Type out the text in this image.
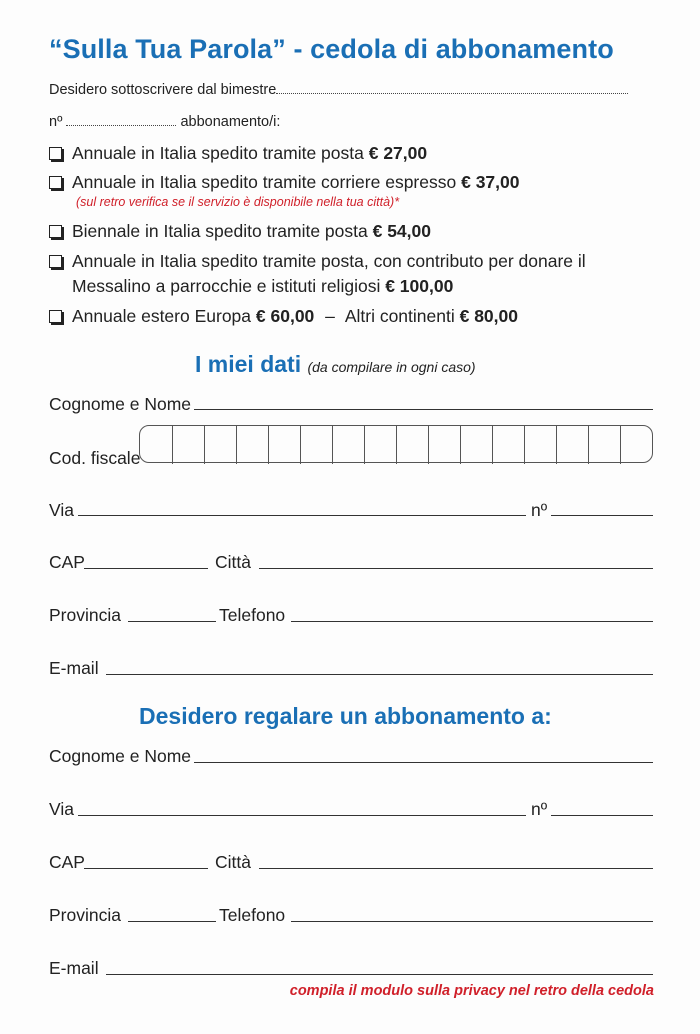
“Sulla Tua Parola” - cedola di abbonamento
Desidero sottoscrivere dal bimestre
nº	abbonamento/i:
Annuale in Italia spedito tramite posta € 27,00
Annuale in Italia spedito tramite corriere espresso € 37,00
(sul retro verifica se il servizio è disponibile nella tua città)*
Biennale in Italia spedito tramite posta € 54,00
Annuale in Italia spedito tramite posta, con contributo per donare il
Messalino a parrocchie e istituti religiosi € 100,00
Annuale estero Europa € 60,00 – Altri continenti € 80,00
I miei dati (da compilare in ogni caso)
Cognome e Nome
Cod. fiscale
Via	nº
CAP	Città
Provincia	Telefono
E-mail
Desidero regalare un abbonamento a:
Cognome e Nome
Via	nº
CAP	Città
Provincia	Telefono
E-mail
compila il modulo sulla privacy nel retro della cedola
